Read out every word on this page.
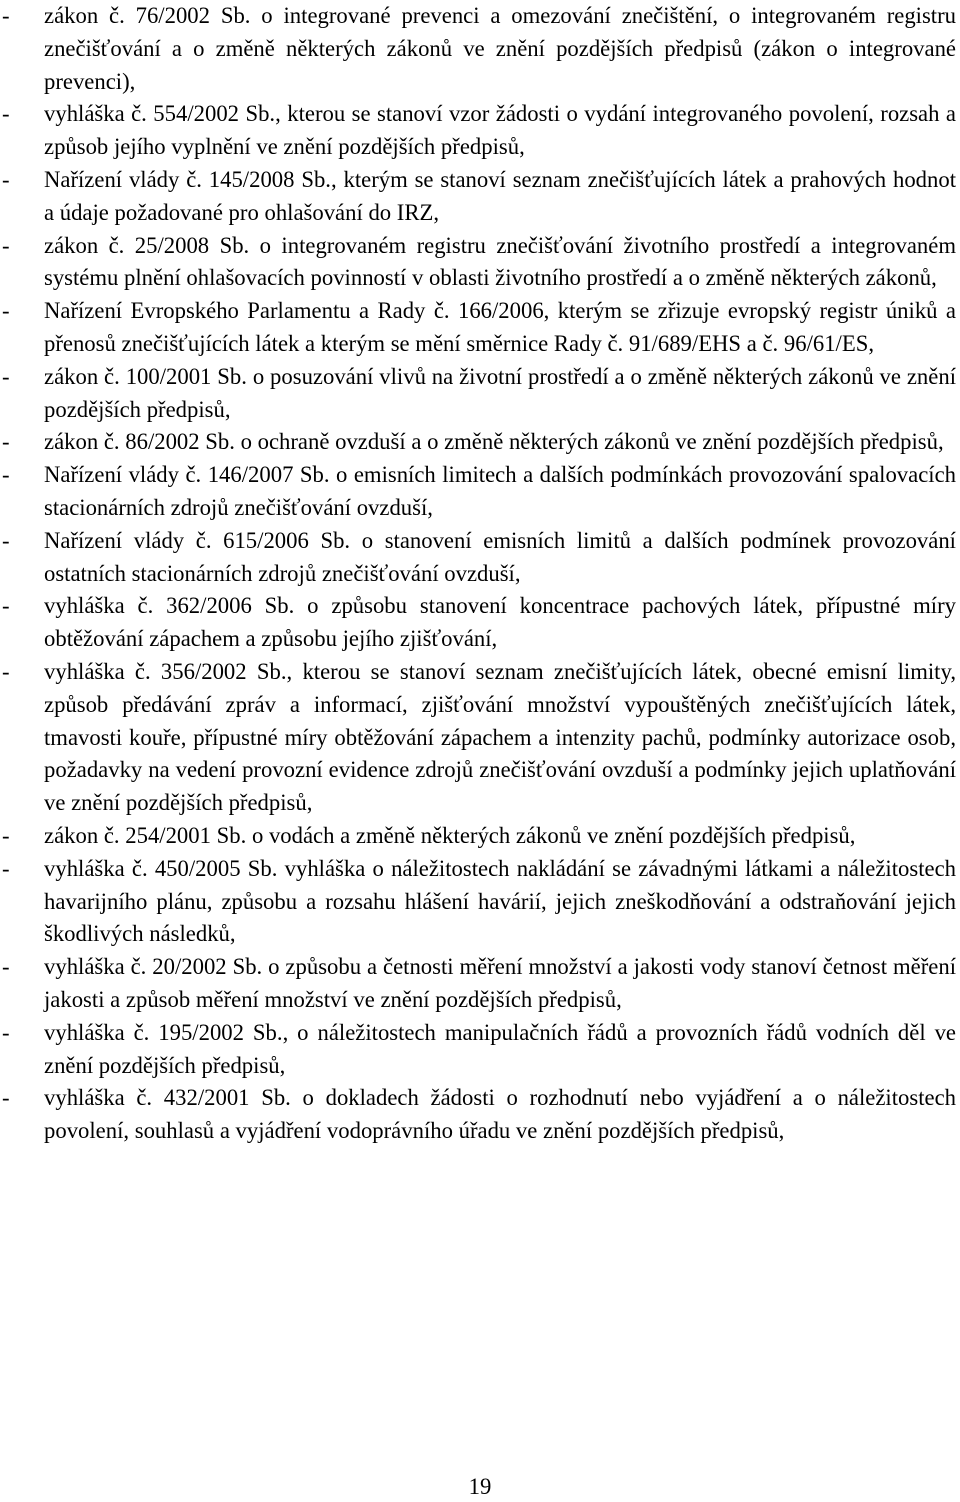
- zákon č. 76/2002 Sb. o integrované prevenci a omezování znečištění, o integrovaném registru znečišťování a o změně některých zákonů ve znění pozdějších předpisů (zákon o integrované prevenci),
- vyhláška č. 554/2002 Sb., kterou se stanoví vzor žádosti o vydání integrovaného povolení, rozsah a způsob jejího vyplnění ve znění pozdějších předpisů,
- Nařízení vlády č. 145/2008 Sb., kterým se stanoví seznam znečišťujících látek a prahových hodnot a údaje požadované pro ohlašování do IRZ,
- zákon č. 25/2008 Sb. o integrovaném registru znečišťování životního prostředí a integrovaném systému plnění ohlašovacích povinností v oblasti životního prostředí a o změně některých zákonů,
- Nařízení Evropského Parlamentu a Rady č. 166/2006, kterým se zřizuje evropský registr úniků a přenosů znečišťujících látek a kterým se mění směrnice Rady č. 91/689/EHS a č. 96/61/ES,
- zákon č. 100/2001 Sb. o posuzování vlivů na životní prostředí a o změně některých zákonů ve znění pozdějších předpisů,
- zákon č. 86/2002 Sb. o ochraně ovzduší a o změně některých zákonů ve znění pozdějších předpisů,
- Nařízení vlády č. 146/2007 Sb. o emisních limitech a dalších podmínkách provozování spalovacích stacionárních zdrojů znečišťování ovzduší,
- Nařízení vlády č. 615/2006 Sb. o stanovení emisních limitů a dalších podmínek provozování ostatních stacionárních zdrojů znečišťování ovzduší,
- vyhláška č. 362/2006 Sb. o způsobu stanovení koncentrace pachových látek, přípustné míry obtěžování zápachem a způsobu jejího zjišťování,
- vyhláška č. 356/2002 Sb., kterou se stanoví seznam znečišťujících látek, obecné emisní limity, způsob předávání zpráv a informací, zjišťování množství vypouštěných znečišťujících látek, tmavosti kouře, přípustné míry obtěžování zápachem a intenzity pachů, podmínky autorizace osob, požadavky na vedení provozní evidence zdrojů znečišťování ovzduší a podmínky jejich uplatňování ve znění pozdějších předpisů,
- zákon č. 254/2001 Sb. o vodách a změně některých zákonů ve znění pozdějších předpisů,
- vyhláška č. 450/2005 Sb. vyhláška o náležitostech nakládání se závadnými látkami a náležitostech havarijního plánu, způsobu a rozsahu hlášení havárií, jejich zneškodňování a odstraňování jejich škodlivých následků,
- vyhláška č. 20/2002 Sb. o způsobu a četnosti měření množství a jakosti vody stanoví četnost měření jakosti a způsob měření množství ve znění pozdějších předpisů,
- vyhláška č. 195/2002 Sb., o náležitostech manipulačních řádů a provozních řádů vodních děl ve znění pozdějších předpisů,
- vyhláška č. 432/2001 Sb. o dokladech žádosti o rozhodnutí nebo vyjádření a o náležitostech povolení, souhlasů a vyjádření vodoprávního úřadu ve znění pozdějších předpisů,
19
